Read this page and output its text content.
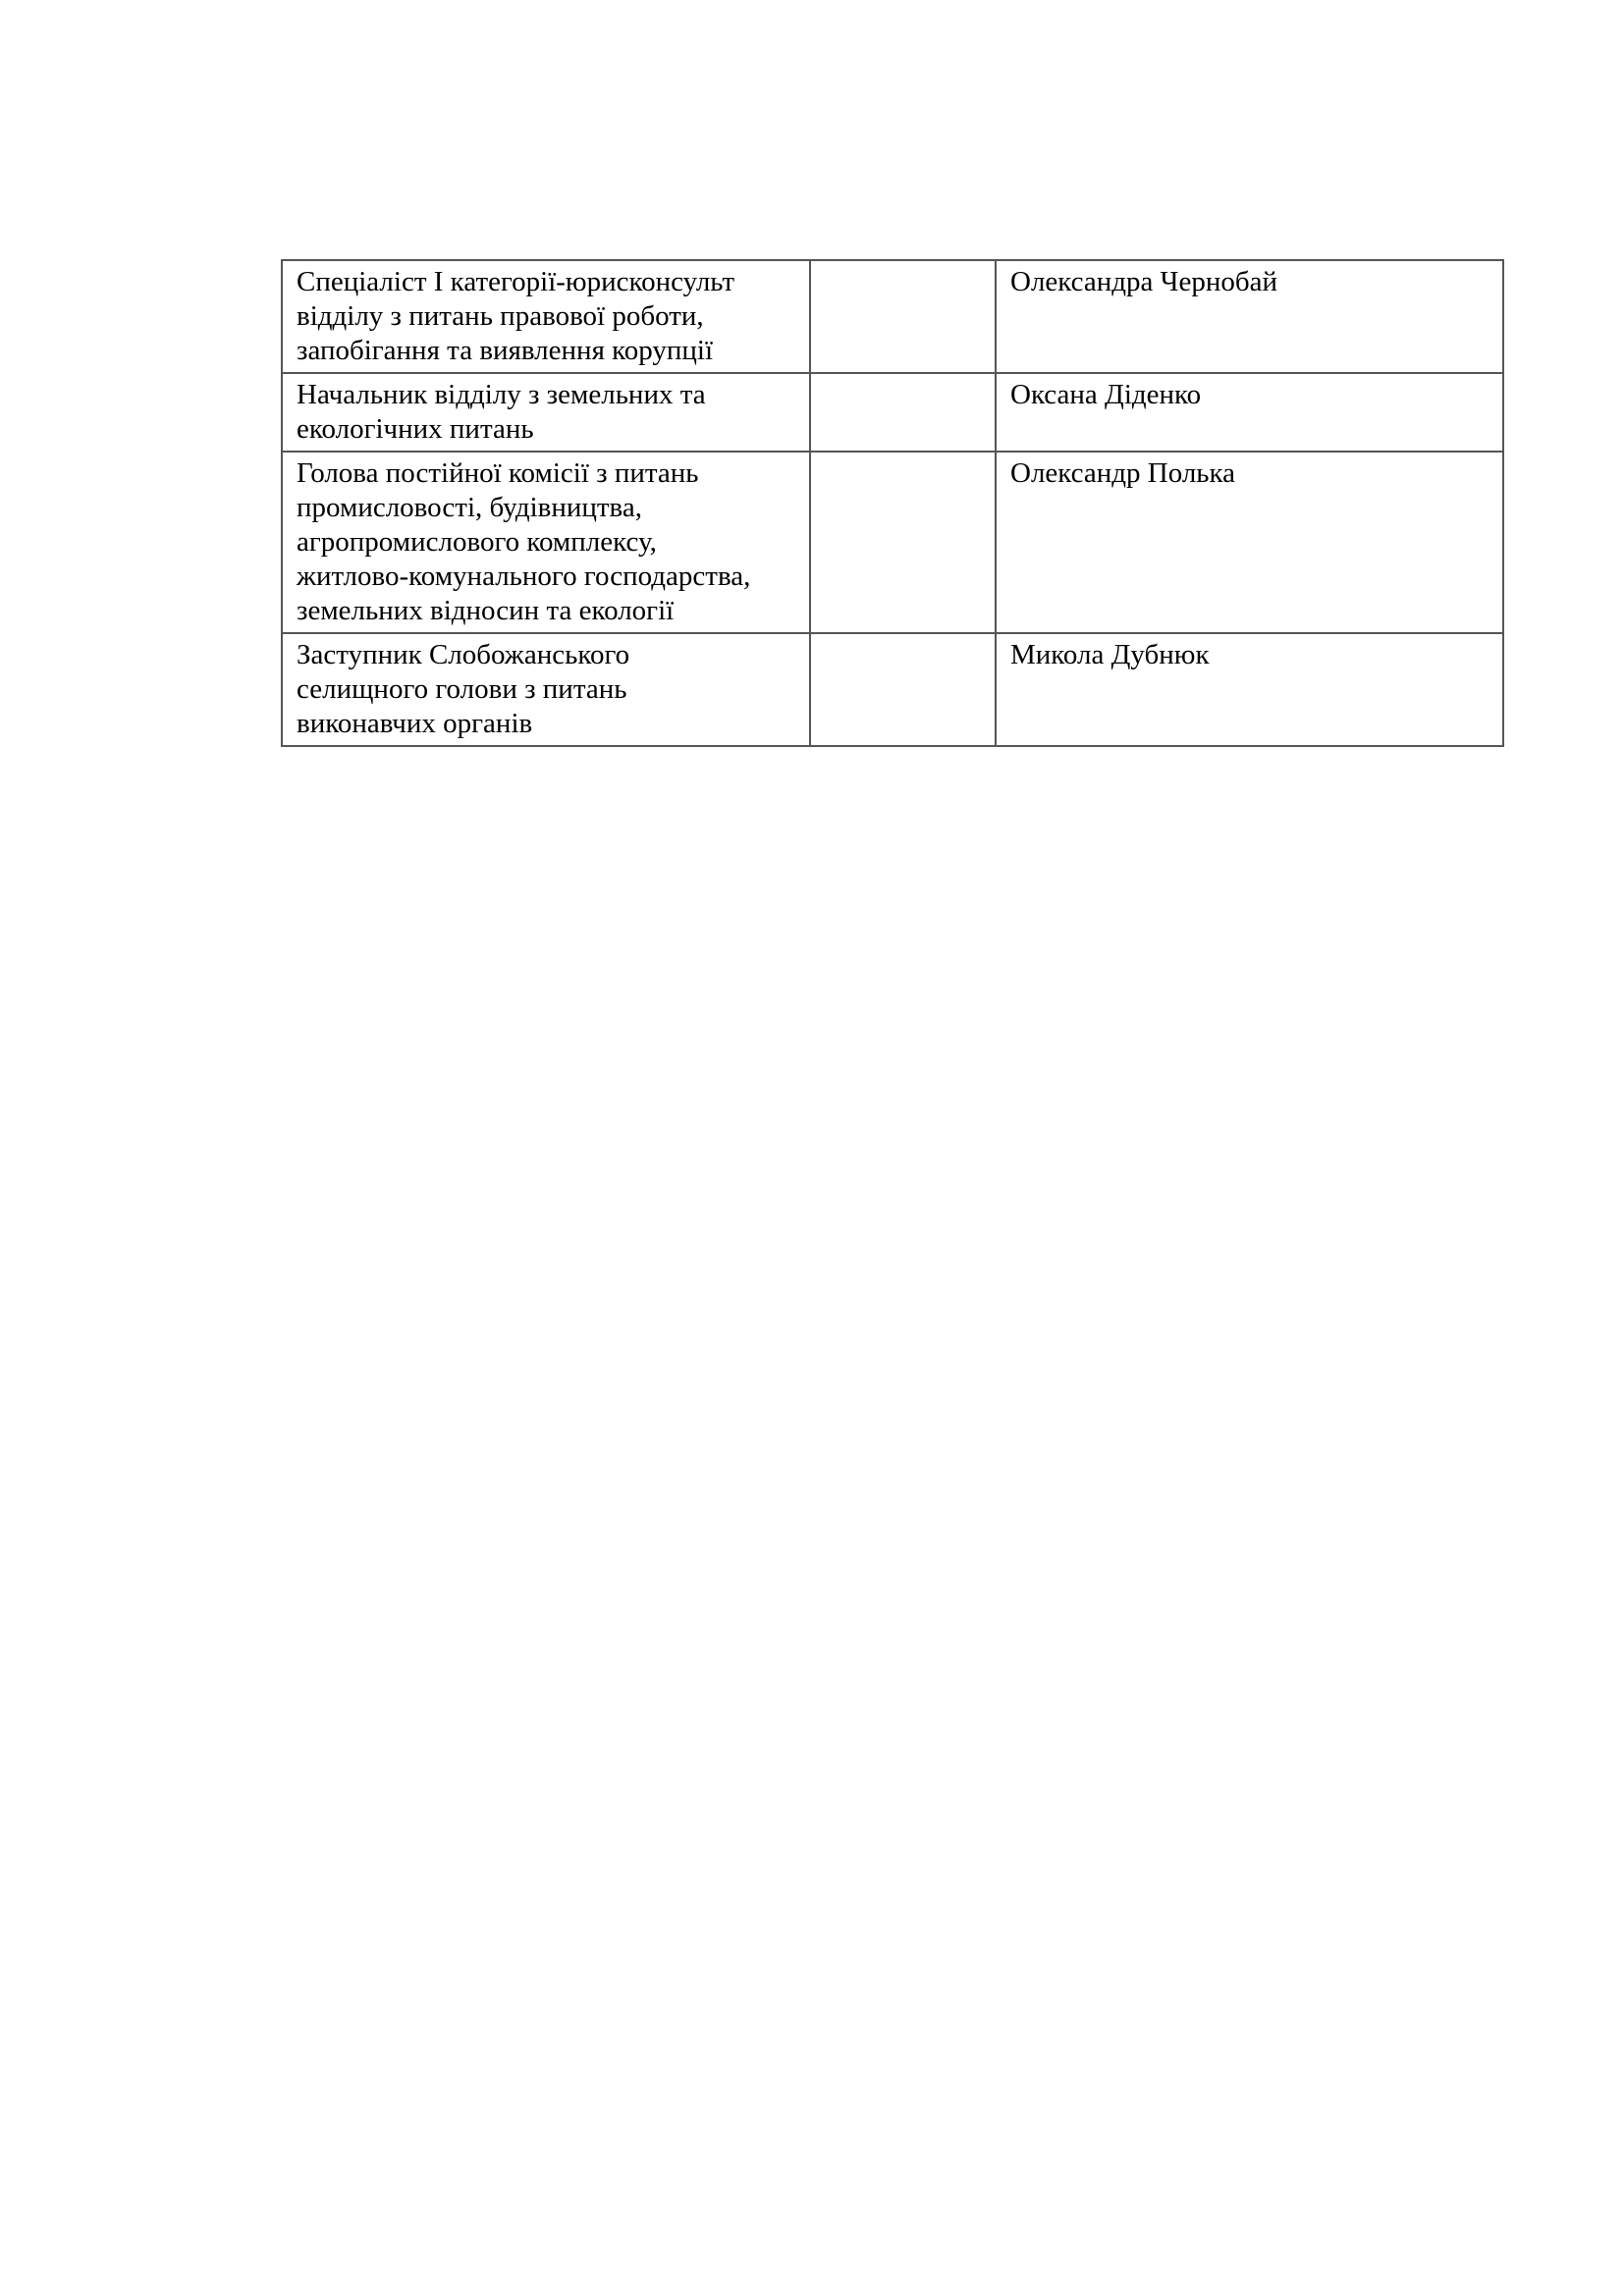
Спеціаліст І категорії-юрисконсульт
відділу з питань правової роботи,
запобігання та виявлення корупції		Олександра Чернобай

Начальник відділу з земельних та
екологічних питань		Оксана Діденко

Голова постійної комісії з питань
промисловості, будівництва,
агропромислового комплексу,
житлово-комунального господарства,
земельних відносин та екології		Олександр Полька

Заступник Слобожанського
селищного голови з питань
виконавчих органів		Микола Дубнюк
